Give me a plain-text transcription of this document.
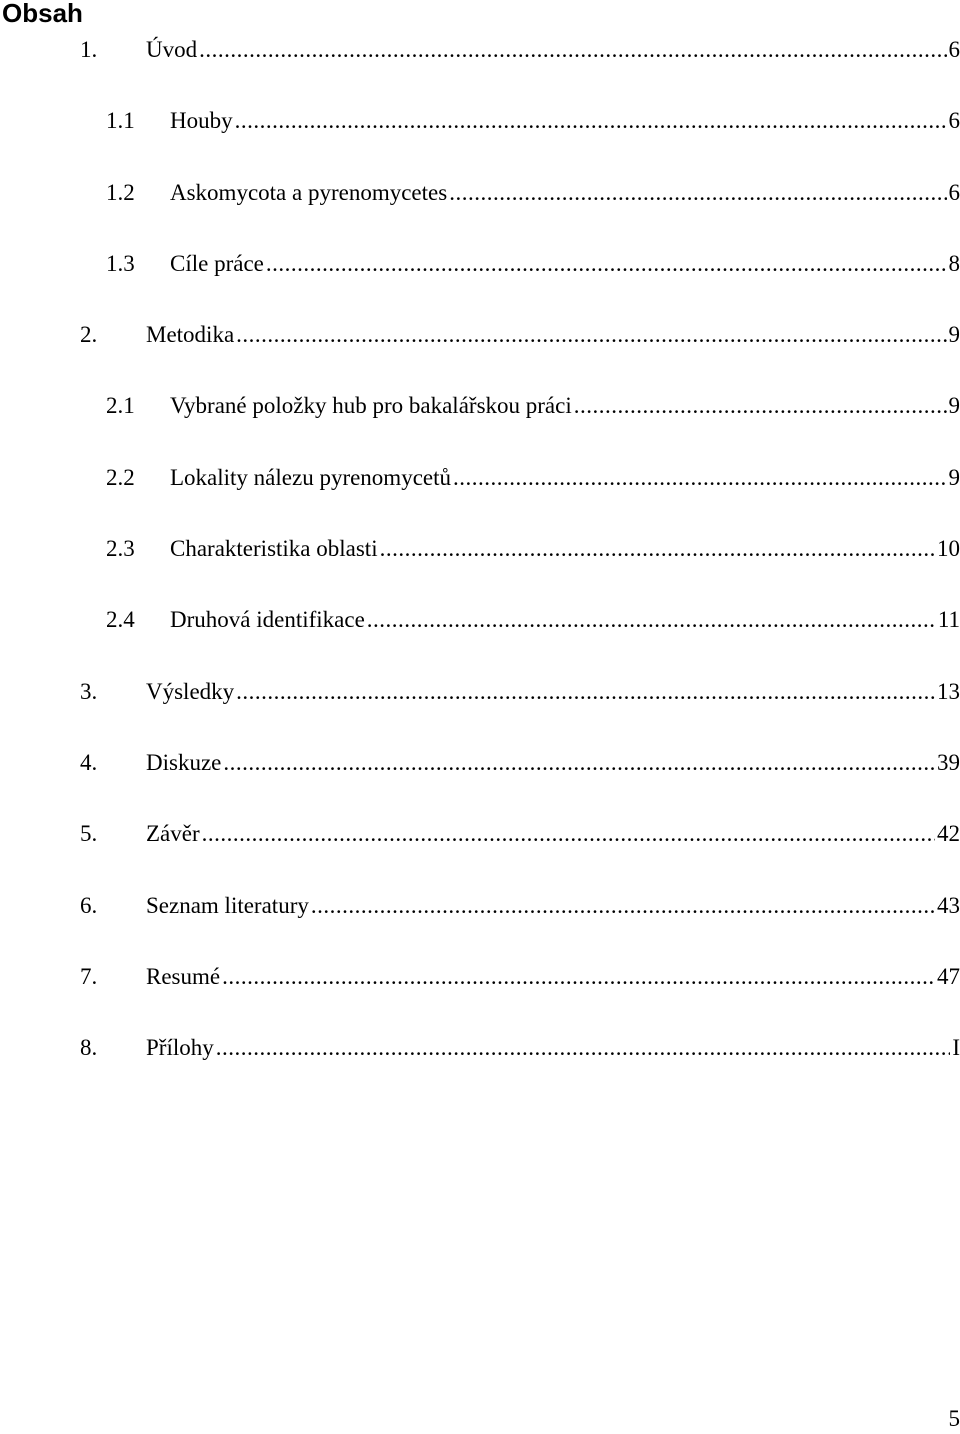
Obsah
1.	Úvod .....	6
1.1	Houby .....	6
1.2	Askomycota a pyrenomycetes .....	6
1.3	Cíle práce .....	8
2.	Metodika .....	9
2.1	Vybrané položky hub pro bakalářskou práci .....	9
2.2	Lokality nálezu pyrenomycetů .....	9
2.3	Charakteristika oblasti .....	10
2.4	Druhová identifikace .....	11
3.	Výsledky .....	13
4.	Diskuze .....	39
5.	Závěr .....	42
6.	Seznam literatury .....	43
7.	Resumé .....	47
8.	Přílohy .....	I

5
